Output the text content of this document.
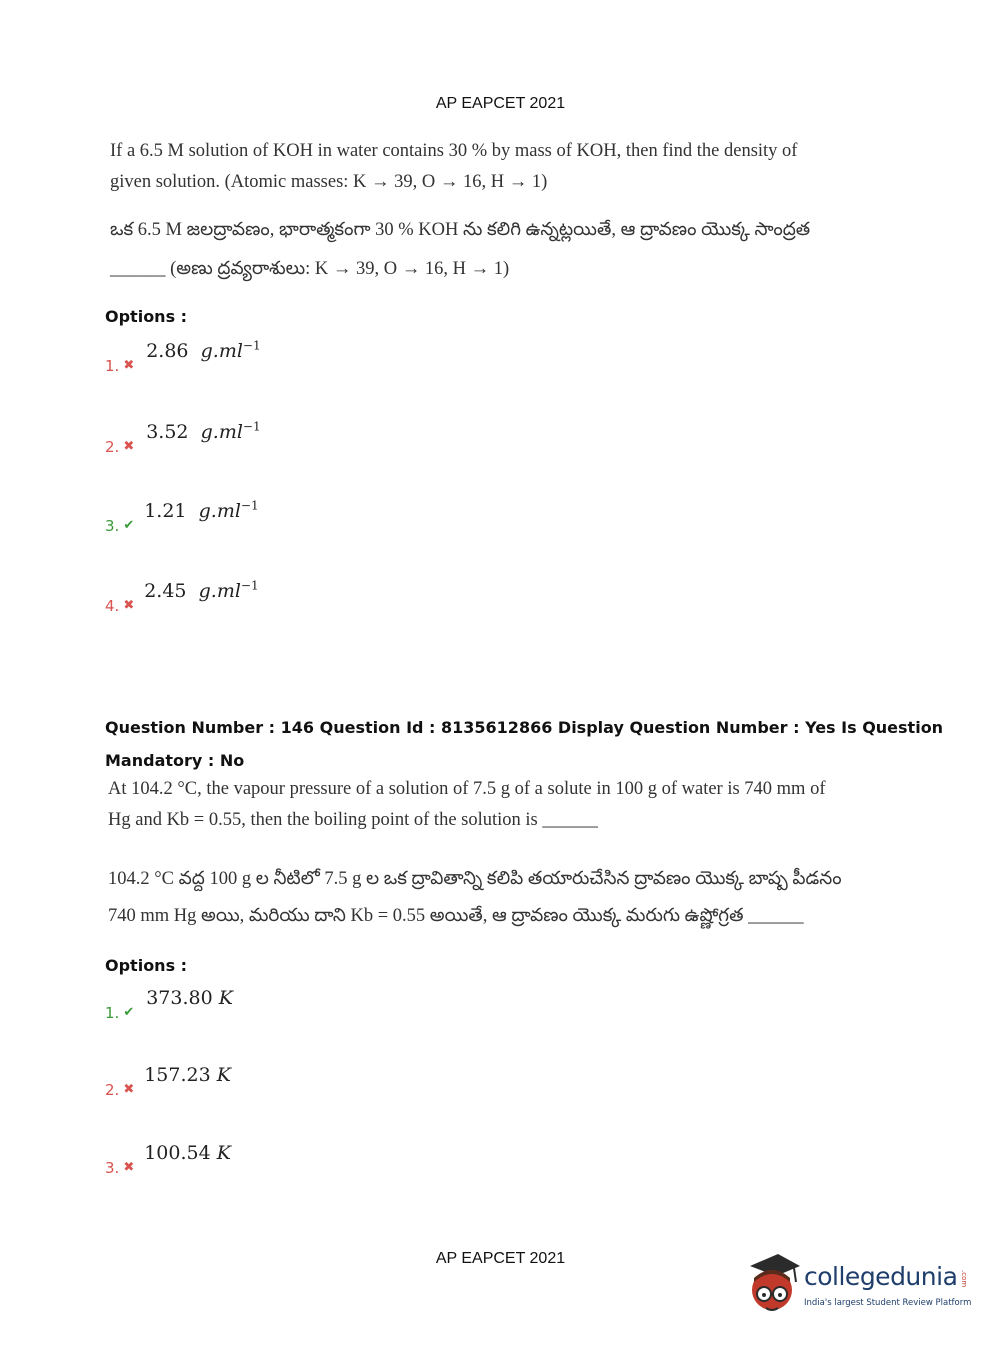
AP EAPCET 2021
If a 6.5 M solution of KOH in water contains 30 % by mass of KOH, then find the density of
given solution. (Atomic masses: K → 39, O → 16, H → 1)
ఒక 6.5 M జలద్రావణం, భారాత్మకంగా 30 % KOH ను కలిగి ఉన్నట్లయితే, ఆ ద్రావణం యొక్క సాంద్రత
______ (అణు ద్రవ్యరాశులు: K → 39, O → 16, H → 1)
Options :
1. $_✖$ 2.86 $g.ml^{-1}$
2. $_✖$ 3.52 $g.ml^{-1}$
3. $_✔$ 1.21 $g.ml^{-1}$
4. $_✖$ 2.45 $g.ml^{-1}$
Question Number : 146 Question Id : 8135612866 Display Question Number : Yes Is Question
Mandatory : No
At 104.2 °C, the vapour pressure of a solution of 7.5 g of a solute in 100 g of water is 740 mm of
Hg and Kb = 0.55, then the boiling point of the solution is ______
104.2 °C వద్ద 100 g ల నీటిలో 7.5 g ల ఒక ద్రావితాన్ని కలిపి తయారుచేసిన ద్రావణం యొక్క బాష్ప పీడనం
740 mm Hg అయి, మరియు దాని Kb = 0.55 అయితే, ఆ ద్రావణం యొక్క మరుగు ఉష్ణోగ్రత ______
Options :
1. $_✔$ 373.80 K
2. $_✖$ 157.23 K
3. $_✖$ 100.54 K
AP EAPCET 2021
collegedunia .com
India's largest Student Review Platform
